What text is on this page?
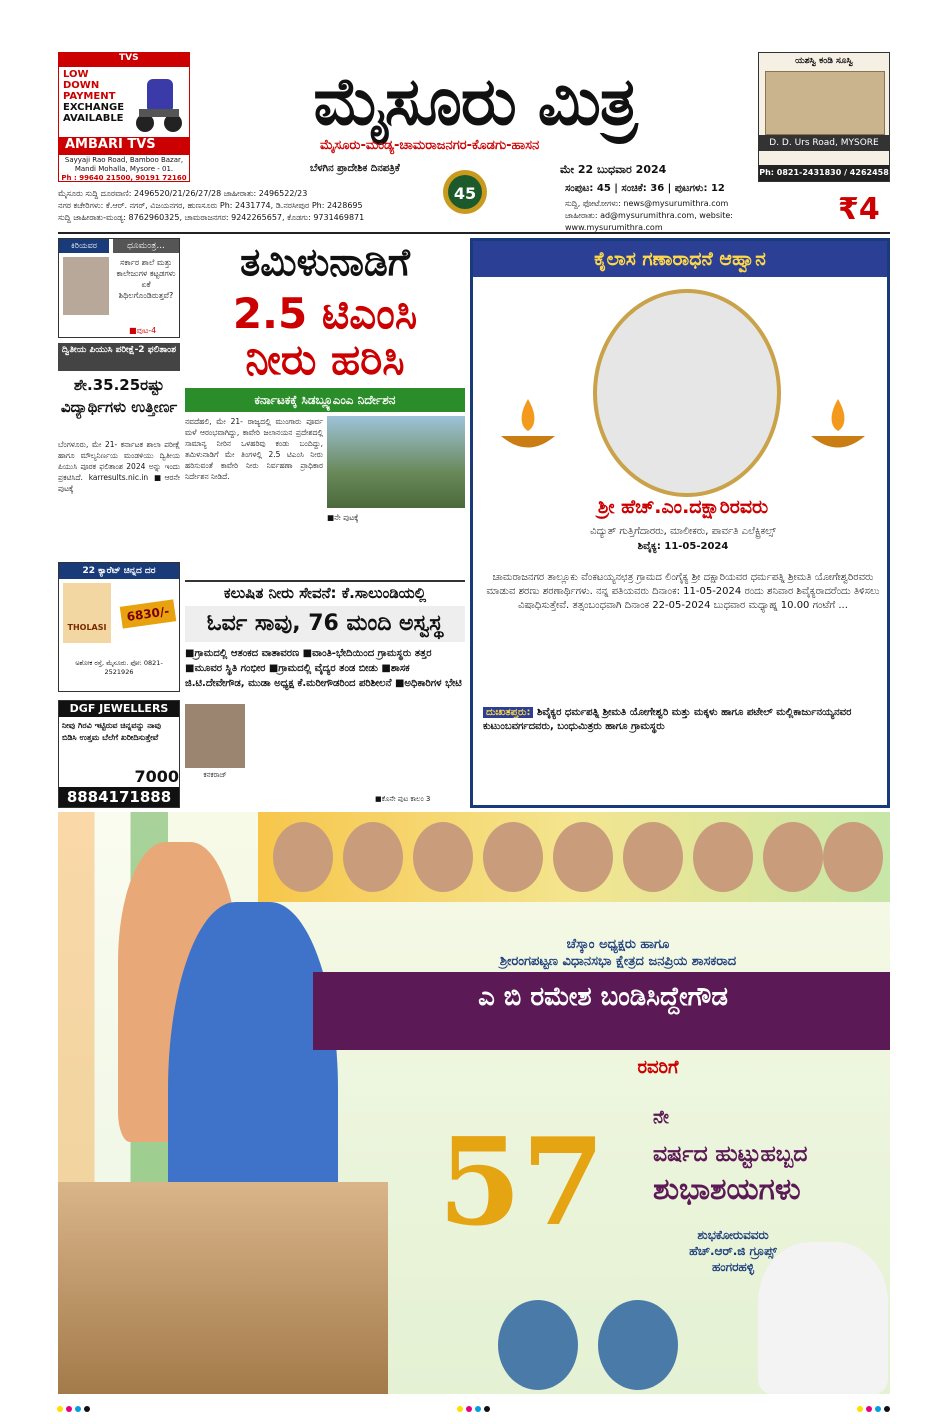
TVS
LOW
DOWN
PAYMENT
EXCHANGE
AVAILABLE
AMBARI TVS
Sayyaji Rao Road, Bamboo Bazar, Mandi Mohalla, Mysore - 01.
Ph : 99640 21500, 90191 72160
ಮೈಸೂರು ಮಿತ್ರ
ಮೈಸೂರು-ಮಂಡ್ಯ-ಚಾಮರಾಜನಗರ-ಕೊಡಗು-ಹಾಸನ
ಯಶಸ್ವಿ ಕಂಡಿ ಸೂಸ್ವಿ
D. D. Urs Road, MYSORE
Ph: 0821-2431830 / 4262458
ಬೆಳಗಿನ ಪ್ರಾದೇಶಿಕ ದಿನಪತ್ರಿಕೆ	ಮೇ 22 ಬುಧವಾರ 2024
45	ಸಂಪುಟ: 45 | ಸಂಚಿಕೆ: 36 | ಪುಟಗಳು: 12
ಮೈಸೂರು ಸುದ್ದಿ ದೂರವಾಣಿ: 2496520/21/26/27/28 ಜಾಹೀರಾತು: 2496522/23
ನಗರ ಕಚೇರಿಗಳು: ಕೆ.ಆರ್. ನಗರ್, ವಿಜಯನಗರ, ಹುಣಸೂರು Ph: 2431774, ಡಿ.ನರಸೀಪುರ Ph: 2428695
ಸುದ್ದಿ ಜಾಹೀರಾತು-ಮಂಡ್ಯ: 8762960325, ಚಾಮರಾಜನಗರ: 9242265657, ಕೊಡಗು: 9731469871
ಸುದ್ದಿ, ಫೋಟೋಗಳು: news@mysurumithra.com
ಜಾಹೀರಾತು: ad@mysurumithra.com, website: www.mysurumithra.com
₹4
ಕಿರಿಯವರ	ಧೂಮಂತ್ರ...
ಸರ್ಕಾರ ಶಾಲೆ ಮತ್ತು ಕಾಲೇಜುಗಳ ಕಟ್ಟಡಗಳು ಏಕೆ ಶಿಥಿಲಗೊಂಡಿರುತ್ತವೆ?
■ಪುಟ-4
ದ್ವಿತೀಯ ಪಿಯುಸಿ ಪರೀಕ್ಷೆ-2 ಫಲಿತಾಂಶ
ಶೇ.35.25ರಷ್ಟು ವಿದ್ಯಾರ್ಥಿಗಳು ಉತ್ತೀರ್ಣ
ಬೆಂಗಳೂರು, ಮೇ 21- ಕರ್ನಾಟಕ ಶಾಲಾ ಪರೀಕ್ಷೆ ಹಾಗೂ ಮೌಲ್ಯನಿರ್ಣಯ ಮಂಡಳಿಯು ದ್ವಿತೀಯ ಪಿಯುಸಿ ಪೂರಕ ಫಲಿತಾಂಶ 2024 ಅನ್ನು ಇಂದು ಪ್ರಕಟಿಸಿದೆ. karresults.nic.in ■ಆರನೇ ಪುಟಕ್ಕೆ
22 ಕ್ಯಾರೆಟ್ ಚಿನ್ನದ ದರ
THOLASI
6830/-
ಅಶೋಕ ರಸ್ತೆ, ಮೈಸೂರು. ಫೋ: 0821-2521926
DGF JEWELLERS
ನೀವು ಗಿರವಿ ಇಟ್ಟಿರುವ ಚಿನ್ನವನ್ನು ನಾವು ಬಿಡಿಸಿ ಉತ್ತಮ ಬೆಲೆಗೆ ಖರೀದಿಸುತ್ತೇವೆ
7000
8884171888
ತಮಿಳುನಾಡಿಗೆ
2.5 ಟಿಎಂಸಿ
ನೀರು ಹರಿಸಿ
ಕರ್ನಾಟಕಕ್ಕೆ ಸಿಡಬ್ಲ್ಯೂಎಂಎ ನಿರ್ದೇಶನ
ನವದೆಹಲಿ, ಮೇ 21- ರಾಜ್ಯದಲ್ಲಿ ಮುಂಗಾರು ಪೂರ್ವ ಮಳೆ ಆರಂಭವಾಗಿದ್ದು, ಕಾವೇರಿ ಜಲಾನಯನ ಪ್ರದೇಶದಲ್ಲಿ ಸಾಮಾನ್ಯ ನೀರಿನ ಒಳಹರಿವು ಕಂಡು ಬಂದಿದ್ದು, ತಮಿಳುನಾಡಿಗೆ ಮೇ ತಿಂಗಳಲ್ಲಿ 2.5 ಟಿಎಂಸಿ ನೀರು ಹರಿಸುವಂತೆ ಕಾವೇರಿ ನೀರು ನಿರ್ವಹಣಾ ಪ್ರಾಧಿಕಾರ ನಿರ್ದೇಶನ ನೀಡಿದೆ.
■ನೇ ಪುಟಕ್ಕೆ
ಕಲುಷಿತ ನೀರು ಸೇವನೆ: ಕೆ.ಸಾಲುಂಡಿಯಲ್ಲಿ
ಓರ್ವ ಸಾವು, 76 ಮಂದಿ ಅಸ್ವಸ್ಥ
■ಗ್ರಾಮದಲ್ಲಿ ಆತಂಕದ ವಾತಾವರಣ ■ವಾಂತಿ-ಭೇದಿಯಿಂದ ಗ್ರಾಮಸ್ಥರು ತತ್ತರ ■ಮೂವರ ಸ್ಥಿತಿ ಗಂಭೀರ ■ಗ್ರಾಮದಲ್ಲಿ ವೈದ್ಯರ ತಂಡ ಬೀಡು ■ಶಾಸಕ ಜಿ.ಟಿ.ದೇವೇಗೌಡ, ಮುಡಾ ಅಧ್ಯಕ್ಷ ಕೆ.ಮರೀಗೌಡರಿಂದ ಪರಿಶೀಲನೆ ■ಅಧಿಕಾರಿಗಳ ಭೇಟಿ
ಕನಕರಾಜ್
■ಕೊನೇ ಪುಟ ಕಾಲಂ 3
ಕೈಲಾಸ ಗಣಾರಾಧನೆ ಆಹ್ವಾನ
ಶ್ರೀ ಹೆಚ್.ಎಂ.ದಕ್ಷಾರಿರವರು
ವಿದ್ಯುತ್ ಗುತ್ತಿಗೆದಾರರು, ಮಾಲೀಕರು, ಪಾರ್ವತಿ ಎಲೆಕ್ಟ್ರಿಕಲ್ಸ್
ಶಿವೈಕ್ಯ: 11-05-2024
ಚಾಮರಾಜನಗರ ತಾಲ್ಲೂಕು ವೆಂಕಟಯ್ಯನಛತ್ರ ಗ್ರಾಮದ ಲಿಂಗೈಕ್ಯ ಶ್ರೀ ದಕ್ಷಾರಿಯವರ ಧರ್ಮಪತ್ನಿ ಶ್ರೀಮತಿ ಯೋಗೇಶ್ವರಿರವರು ಮಾಡುವ ಶರಣು ಶರಣಾರ್ಥಿಗಳು. ನನ್ನ ಪತಿಯವರು ದಿನಾಂಕ: 11-05-2024 ರಂದು ಶನಿವಾರ ಶಿವೈಕ್ಯರಾದರೆಂದು ತಿಳಿಸಲು ವಿಷಾಧಿಸುತ್ತೇವೆ. ತತ್ಸಂಬಂಧವಾಗಿ ದಿನಾಂಕ 22-05-2024 ಬುಧವಾರ ಮಧ್ಯಾಹ್ನ 10.00 ಗಂಟೆಗೆ ...
ದುಃಖತಪ್ತರು: ಶಿವೈಕ್ಯರ ಧರ್ಮಪತ್ನಿ ಶ್ರೀಮತಿ ಯೋಗೇಶ್ವರಿ ಮತ್ತು ಮಕ್ಕಳು ಹಾಗೂ ಪಟೇಲ್ ಮಲ್ಲಿಕಾರ್ಜುನಯ್ಯನವರ ಕುಟುಂಬವರ್ಗದವರು, ಬಂಧುಮಿತ್ರರು ಹಾಗೂ ಗ್ರಾಮಸ್ಥರು
ಚೆಸ್ಕಾಂ ಅಧ್ಯಕ್ಷರು ಹಾಗೂ
ಶ್ರೀರಂಗಪಟ್ಟಣ ವಿಧಾನಸಭಾ ಕ್ಷೇತ್ರದ ಜನಪ್ರಿಯ ಶಾಸಕರಾದ
ಎ ಬಿ ರಮೇಶ ಬಂಡಿಸಿದ್ದೇಗೌಡ
ರವರಿಗೆ
57	ನೇ
ವರ್ಷದ ಹುಟ್ಟುಹಬ್ಬದ
ಶುಭಾಶಯಗಳು
ಶುಭಕೋರುವವರು
ಹೆಚ್.ಆರ್.ಜಿ ಗ್ರೂಪ್ಸ್
ಹಂಗರಹಳ್ಳಿ
